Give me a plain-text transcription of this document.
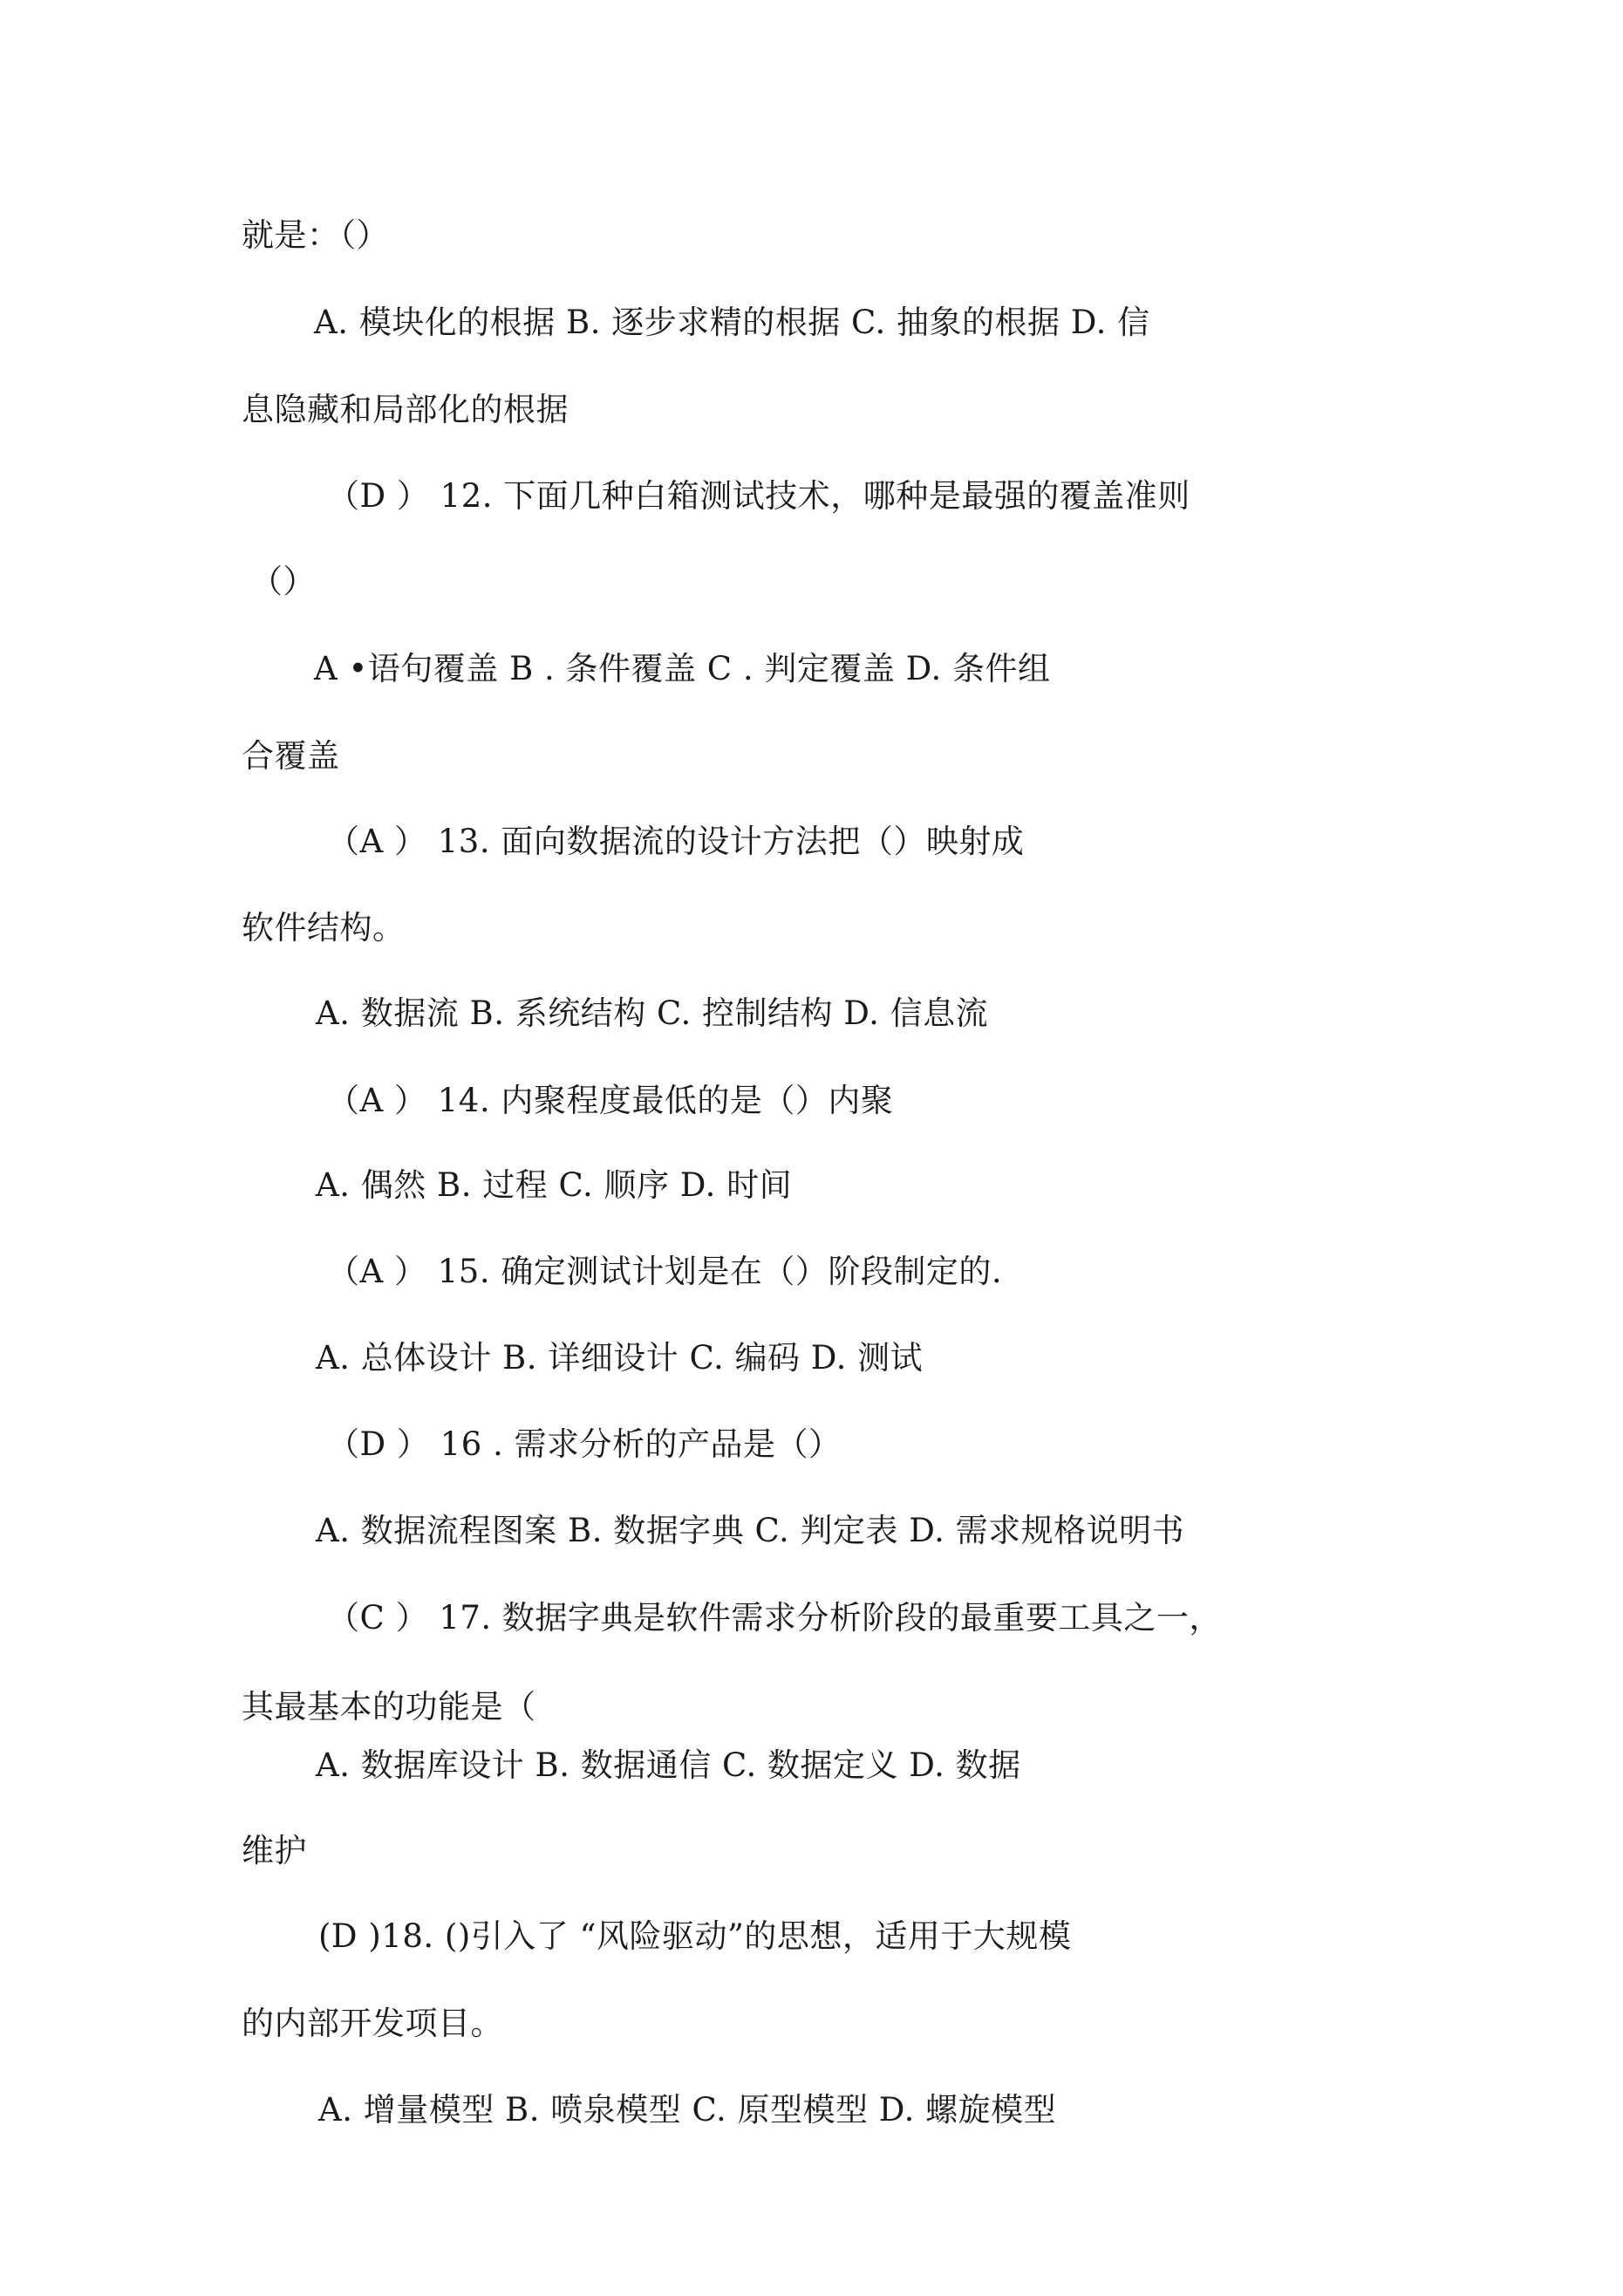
就是：（）
A. 模块化的根据 B. 逐步求精的根据 C. 抽象的根据 D. 信
息隐藏和局部化的根据
（D ） 12. 下面几种白箱测试技术，哪种是最强的覆盖准则
（）
A •语句覆盖 B . 条件覆盖 C . 判定覆盖 D. 条件组
合覆盖
（A ） 13. 面向数据流的设计方法把（）映射成
软件结构。
A. 数据流 B. 系统结构 C. 控制结构 D. 信息流
（A ） 14. 内聚程度最低的是（）内聚
A. 偶然 B. 过程 C. 顺序 D. 时间
（A ） 15. 确定测试计划是在（）阶段制定的.
A. 总体设计 B. 详细设计 C. 编码 D. 测试
（D ） 16 . 需求分析的产品是（）
A. 数据流程图案 B. 数据字典 C. 判定表 D. 需求规格说明书
（C ） 17. 数据字典是软件需求分析阶段的最重要工具之一，
其最基本的功能是（
A. 数据库设计 B. 数据通信 C. 数据定义 D. 数据
维护
(D )18. ()引入了 “风险驱动”的思想，适用于大规模
的内部开发项目。
A. 增量模型 B. 喷泉模型 C. 原型模型 D. 螺旋模型
